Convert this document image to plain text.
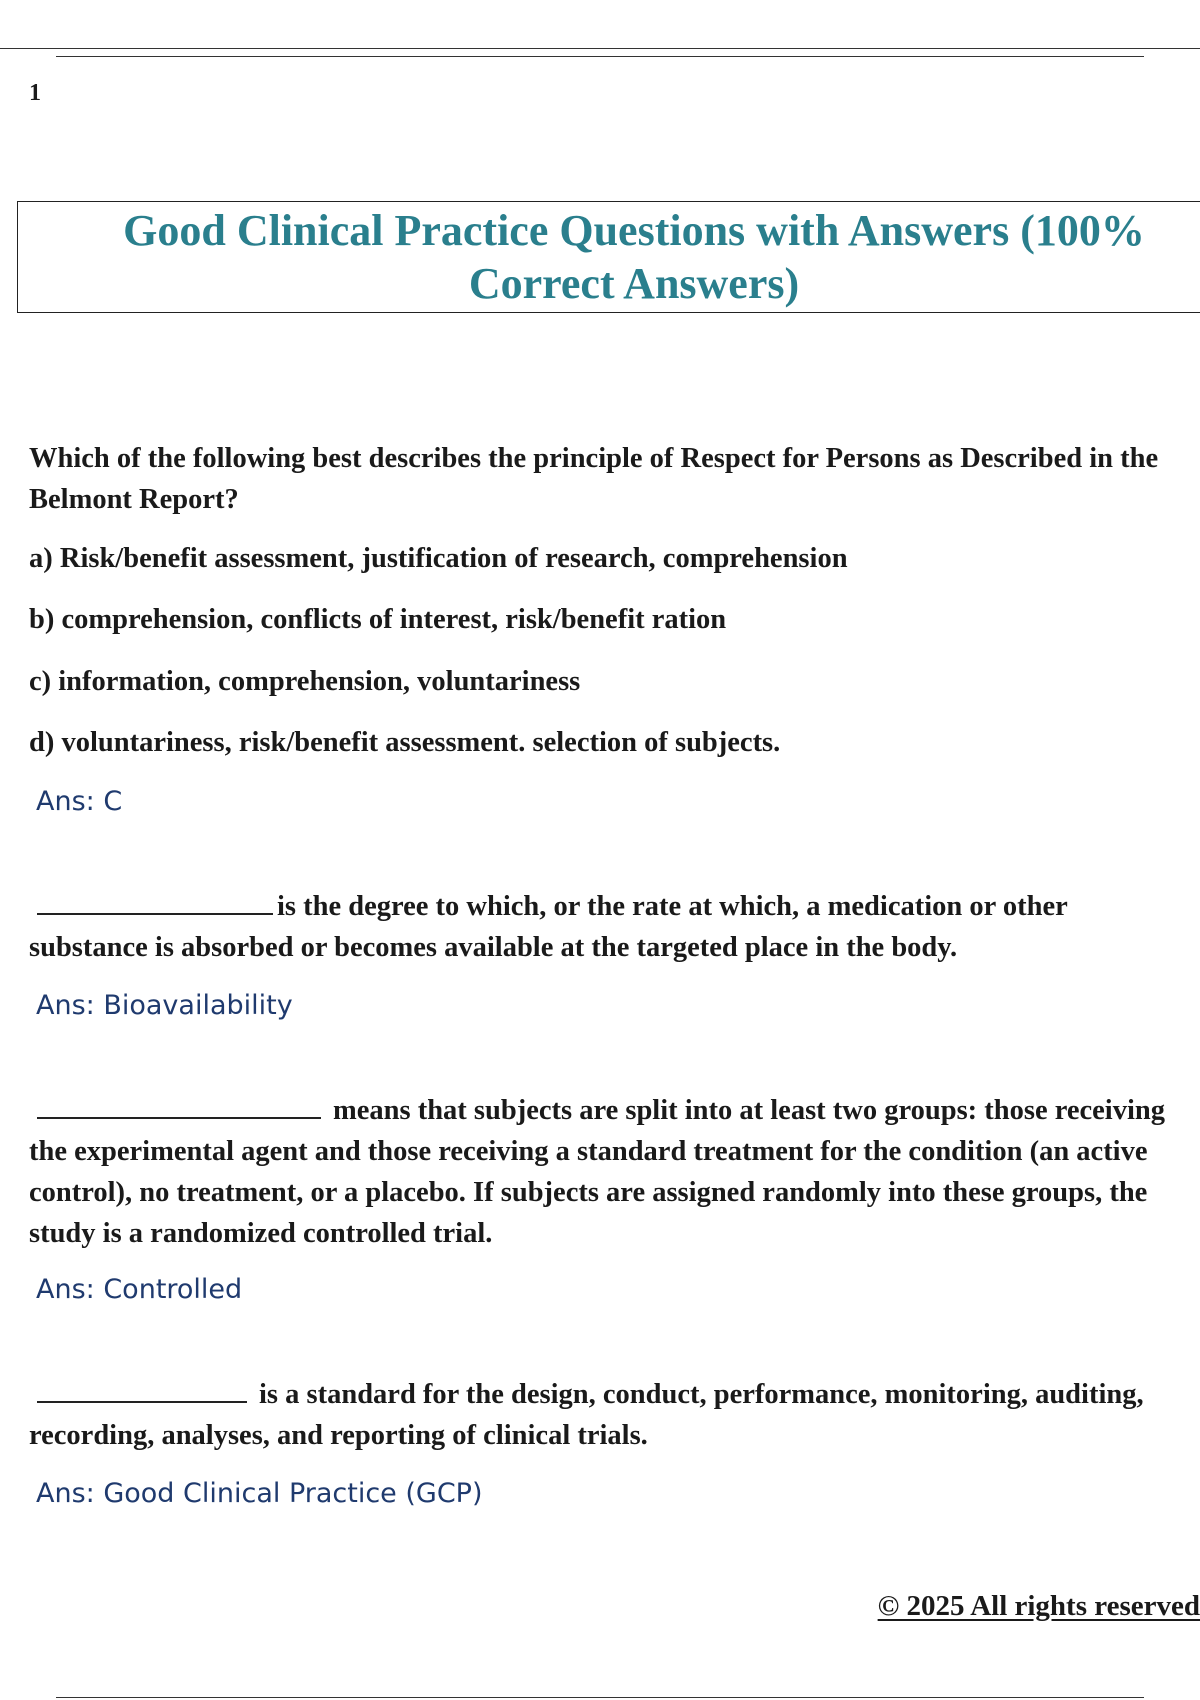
1
Good Clinical Practice Questions with Answers (100% Correct Answers)

Which of the following best describes the principle of Respect for Persons as Described in the Belmont Report?

a) Risk/benefit assessment, justification of research, comprehension

b) comprehension, conflicts of interest, risk/benefit ration

c) information, comprehension, voluntariness

d) voluntariness, risk/benefit assessment. selection of subjects.

Ans: C

is the degree to which, or the rate at which, a medication or other substance is absorbed or becomes available at the targeted place in the body.

Ans: Bioavailability

means that subjects are split into at least two groups: those receiving the experimental agent and those receiving a standard treatment for the condition (an active control), no treatment, or a placebo. If subjects are assigned randomly into these groups, the study is a randomized controlled trial.

Ans: Controlled

is a standard for the design, conduct, performance, monitoring, auditing, recording, analyses, and reporting of clinical trials.

Ans: Good Clinical Practice (GCP)
© 2025 All rights reserved
